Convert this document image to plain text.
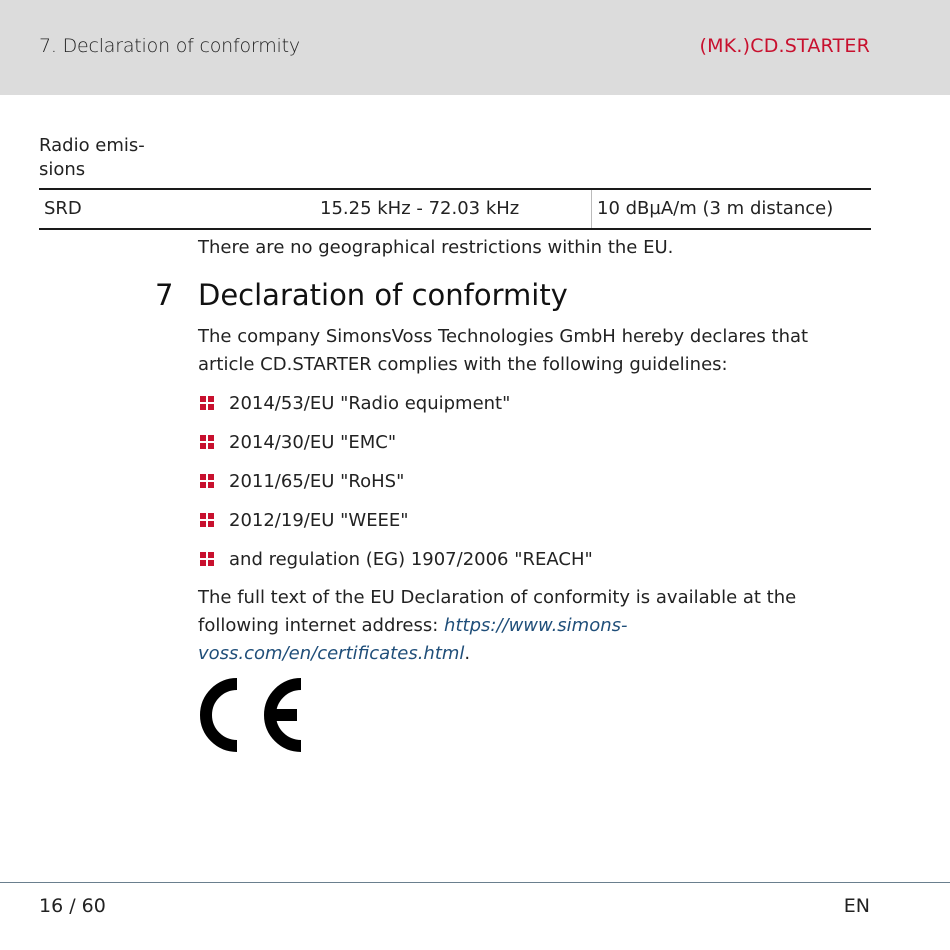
7. Declaration of conformity	(MK.)CD.STARTER
Radio emis-
sions
SRD	15.25 kHz - 72.03 kHz	10 dBµA/m (3 m distance)
There are no geographical restrictions within the EU.
7 Declaration of conformity
The company SimonsVoss Technologies GmbH hereby declares that article CD.STARTER complies with the following guidelines:
2014/53/EU "Radio equipment"
2014/30/EU "EMC"
2011/65/EU "RoHS"
2012/19/EU "WEEE"
and regulation (EG) 1907/2006 "REACH"
The full text of the EU Declaration of conformity is available at the following internet address: https://www.simons-voss.com/en/certificates.html.
16 / 60	EN
